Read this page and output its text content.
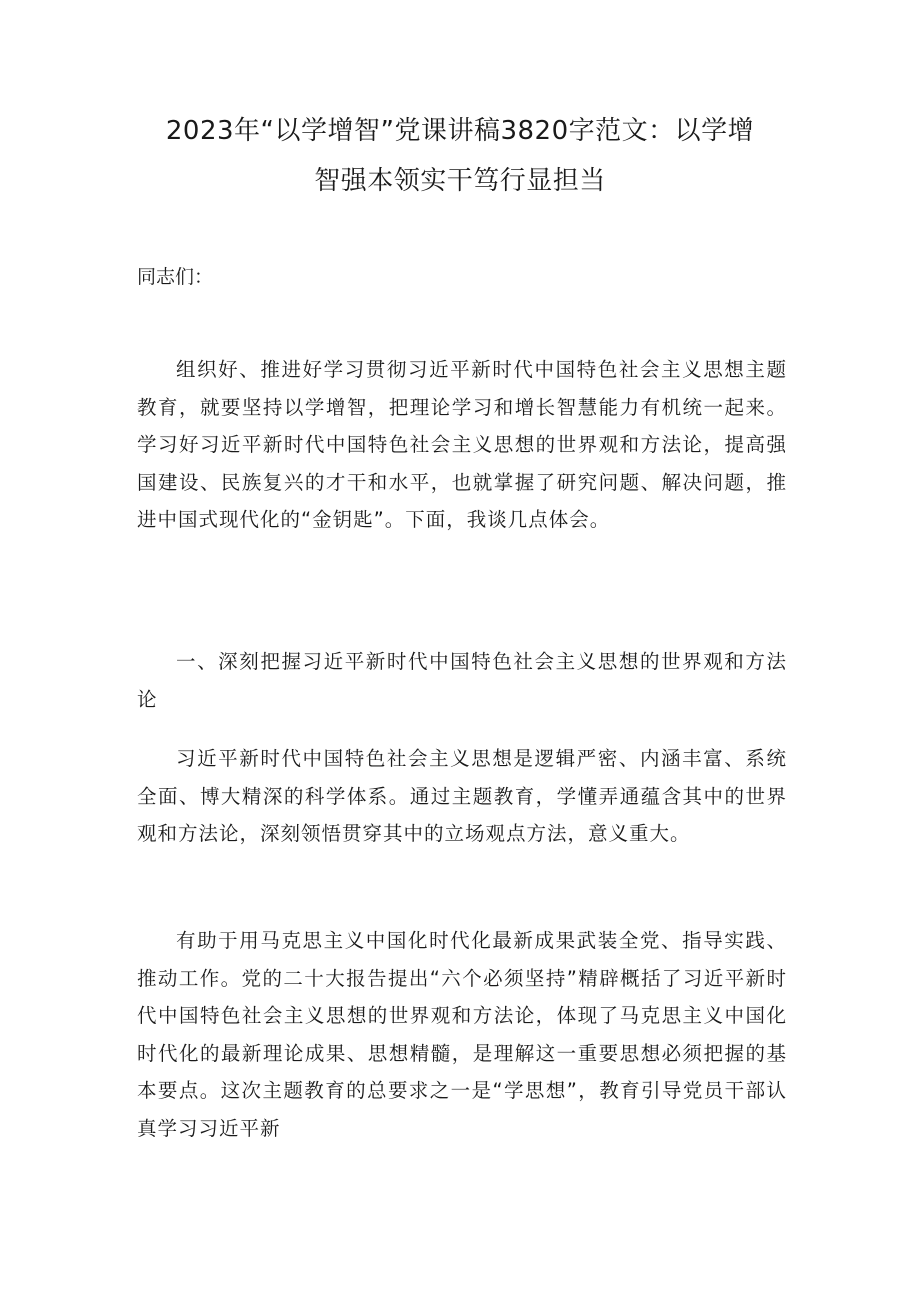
2023年“以学增智”党课讲稿3820字范文：以学增
智强本领实干笃行显担当

同志们：

组织好、推进好学习贯彻习近平新时代中国特色社会主义思想主题教育，就要坚持以学增智，把理论学习和增长智慧能力有机统一起来。学习好习近平新时代中国特色社会主义思想的世界观和方法论，提高强国建设、民族复兴的才干和水平，也就掌握了研究问题、解决问题，推进中国式现代化的“金钥匙”。下面，我谈几点体会。

一、深刻把握习近平新时代中国特色社会主义思想的世界观和方法论

习近平新时代中国特色社会主义思想是逻辑严密、内涵丰富、系统全面、博大精深的科学体系。通过主题教育，学懂弄通蕴含其中的世界观和方法论，深刻领悟贯穿其中的立场观点方法，意义重大。

有助于用马克思主义中国化时代化最新成果武装全党、指导实践、推动工作。党的二十大报告提出“六个必须坚持”精辟概括了习近平新时代中国特色社会主义思想的世界观和方法论，体现了马克思主义中国化时代化的最新理论成果、思想精髓，是理解这一重要思想必须把握的基本要点。这次主题教育的总要求之一是“学思想”，教育引导党员干部认真学习习近平新
